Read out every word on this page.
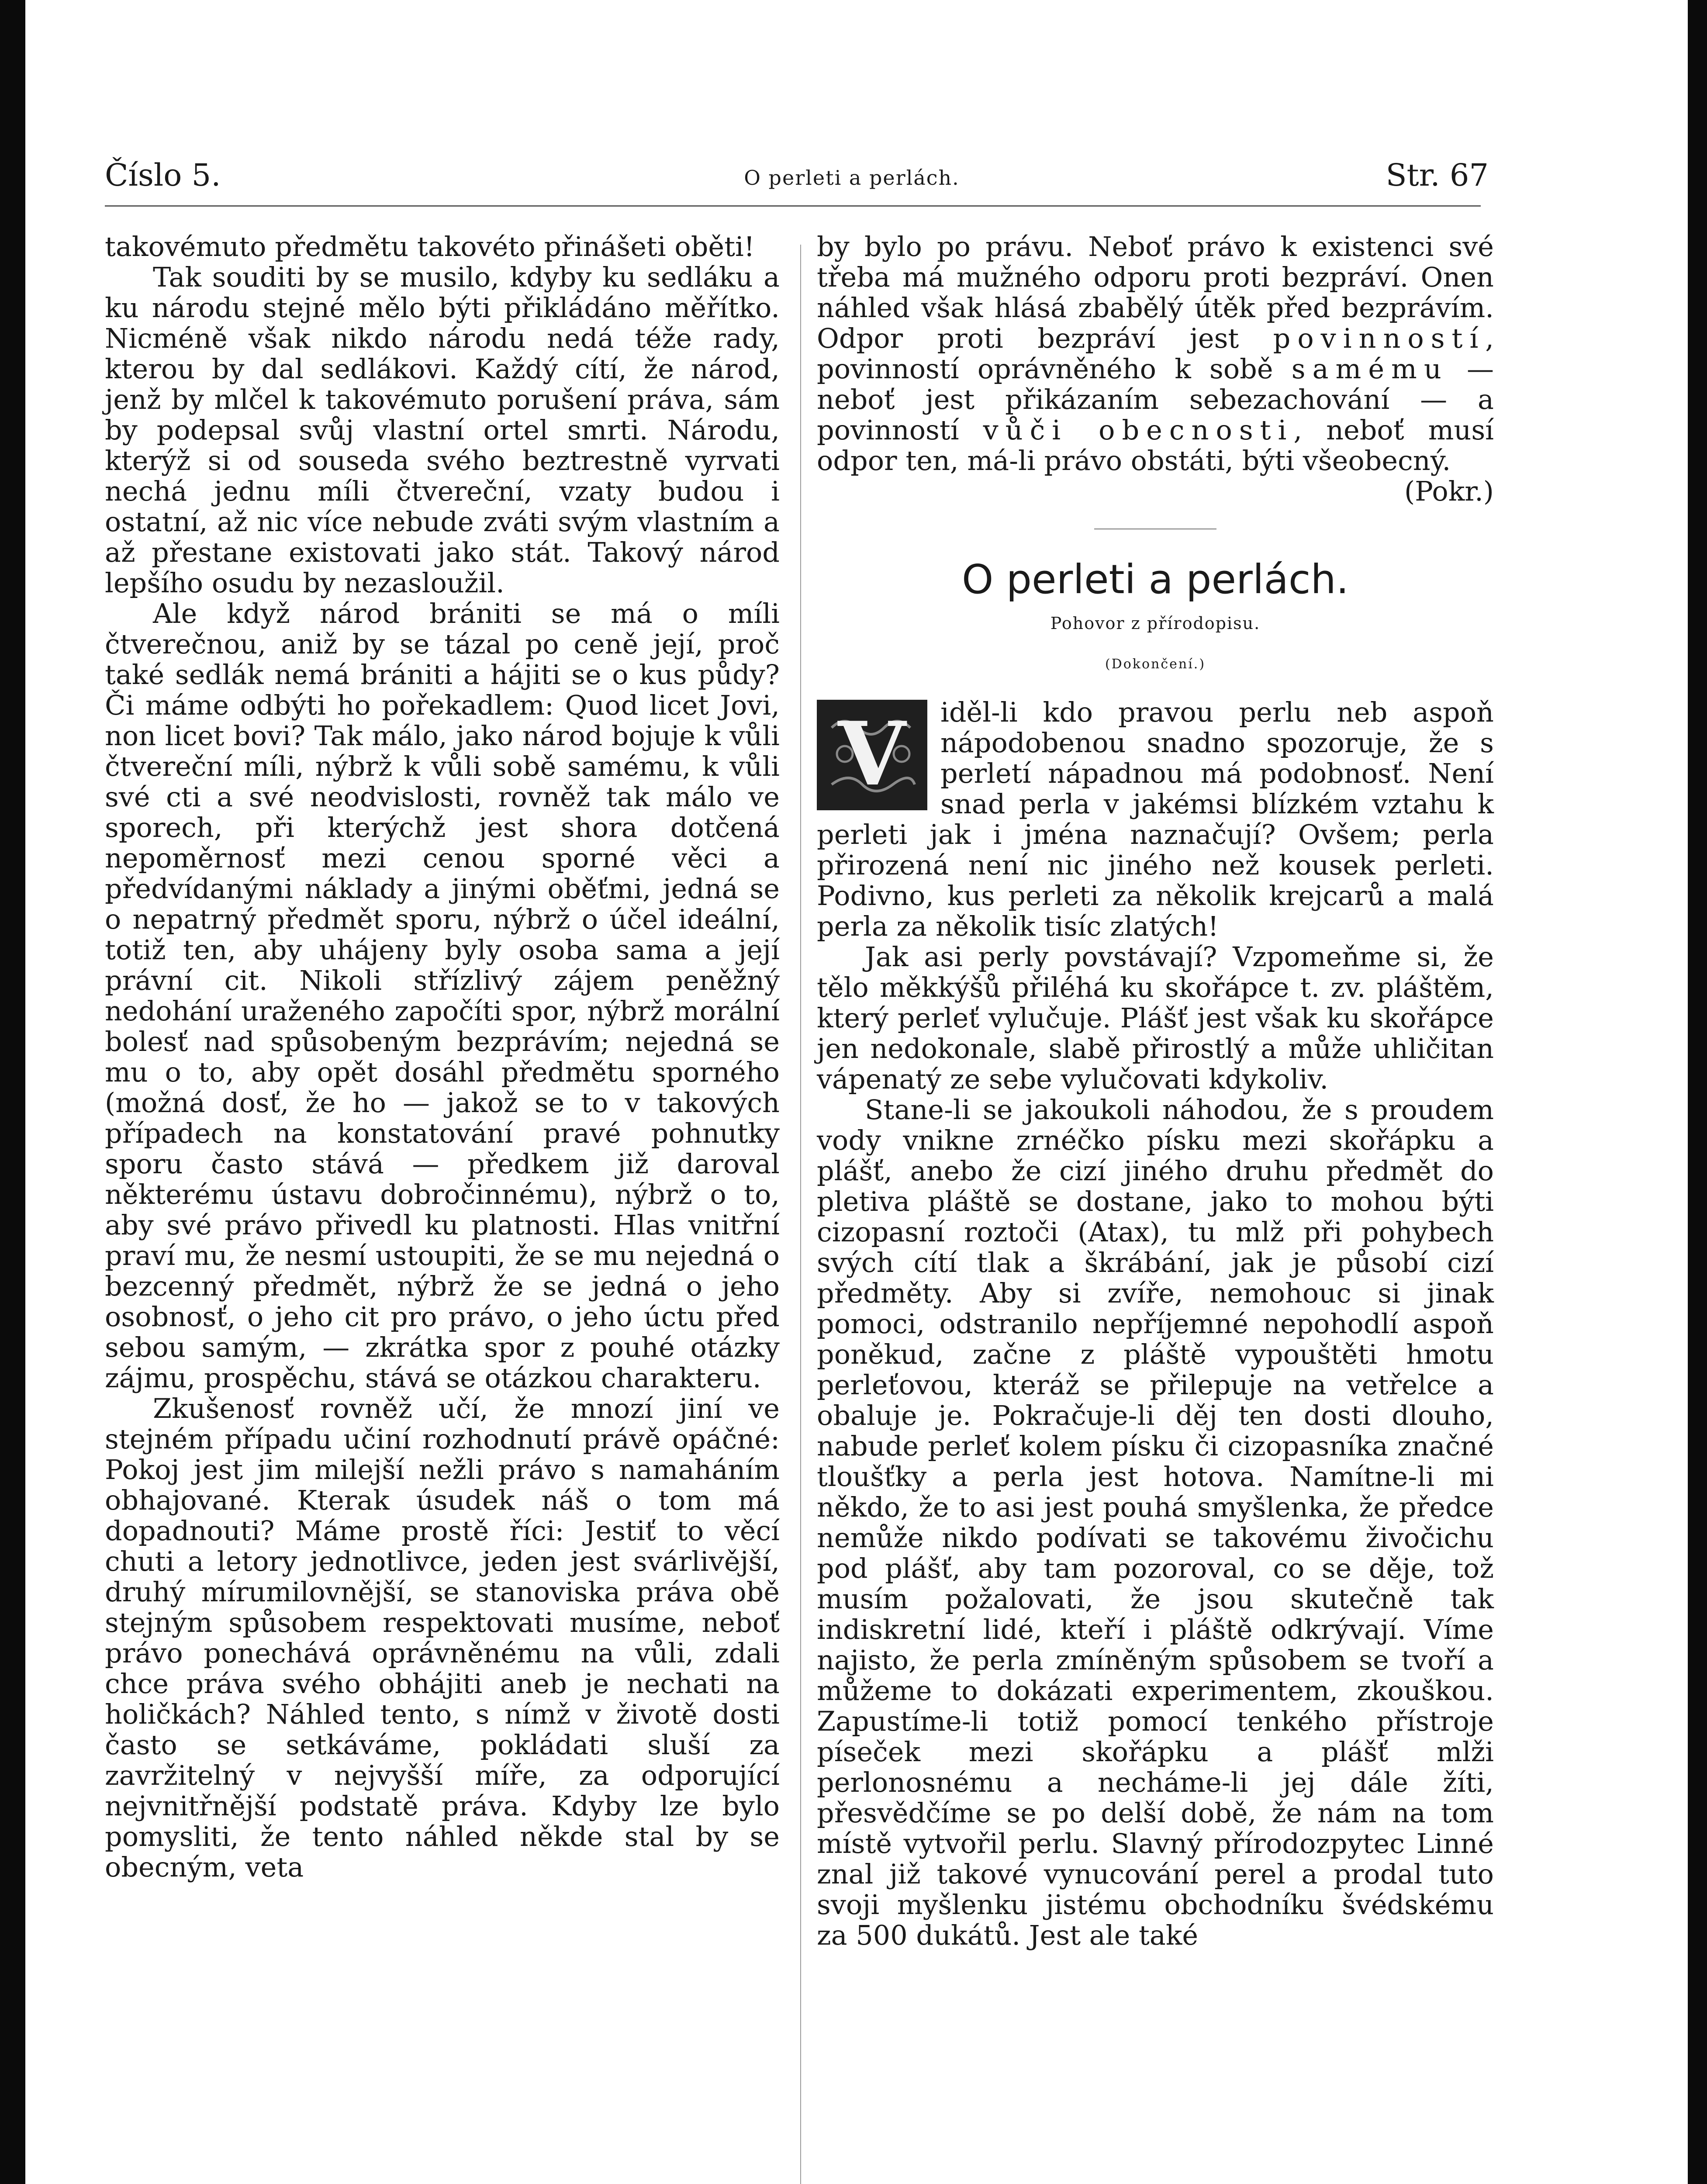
Číslo 5.	O perleti a perlách.	Str. 67

takovémuto předmětu takovéto přinášeti oběti!

Tak souditi by se musilo, kdyby ku sedláku a ku národu stejné mělo býti přikládáno měřítko. Nicméně však nikdo národu nedá téže rady, kterou by dal sedlákovi. Každý cítí, že národ, jenž by mlčel k takovémuto porušení práva, sám by podepsal svůj vlastní ortel smrti. Národu, kterýž si od souseda svého beztrestně vyrvati nechá jednu míli čtvereční, vzaty budou i ostatní, až nic více nebude zváti svým vlastním a až přestane existovati jako stát. Takový národ lepšího osudu by nezasloužil.

Ale když národ brániti se má o míli čtverečnou, aniž by se tázal po ceně její, proč také sedlák nemá brániti a hájiti se o kus půdy? Či máme odbýti ho pořekadlem: Quod licet Jovi, non licet bovi? Tak málo, jako národ bojuje k vůli čtvereční míli, nýbrž k vůli sobě samému, k vůli své cti a své neodvislosti, rovněž tak málo ve sporech, při kterýchž jest shora dotčená nepoměrnosť mezi cenou sporné věci a předvídanými náklady a jinými oběťmi, jedná se o nepatrný předmět sporu, nýbrž o účel ideální, totiž ten, aby uhájeny byly osoba sama a její právní cit. Nikoli střízlivý zájem peněžný nedohání uraženého započíti spor, nýbrž morální bolesť nad spůsobeným bezprávím; nejedná se mu o to, aby opět dosáhl předmětu sporného (možná dosť, že ho — jakož se to v takových případech na konstatování pravé pohnutky sporu často stává — předkem již daroval některému ústavu dobročinnému), nýbrž o to, aby své právo přivedl ku platnosti. Hlas vnitřní praví mu, že nesmí ustoupiti, že se mu nejedná o bezcenný předmět, nýbrž že se jedná o jeho osobnosť, o jeho cit pro právo, o jeho úctu před sebou samým, — zkrátka spor z pouhé otázky zájmu, prospěchu, stává se otázkou charakteru.

Zkušenosť rovněž učí, že mnozí jiní ve stejném případu učiní rozhodnutí právě opáčné: Pokoj jest jim milejší nežli právo s namaháním obhajované. Kterak úsudek náš o tom má dopadnouti? Máme prostě říci: Jestiť to věcí chuti a letory jednotlivce, jeden jest svárlivější, druhý mírumilovnější, se stanoviska práva obě stejným spůsobem respektovati musíme, neboť právo ponechává oprávněnému na vůli, zdali chce práva svého obhájiti aneb je nechati na holičkách? Náhled tento, s nímž v životě dosti často se setkáváme, pokládati sluší za zavržitelný v nejvyšší míře, za odporující nejvnitřnější podstatě práva. Kdyby lze bylo pomysliti, že tento náhled někde stal by se obecným, veta

by bylo po právu. Neboť právo k existenci své třeba má mužného odporu proti bezpráví. Onen náhled však hlásá zbabělý útěk před bezprávím. Odpor proti bezpráví jest povinností, povinností oprávněného k sobě samému — neboť jest přikázaním sebezachování — a povinností vůči obecnosti, neboť musí odpor ten, má-li právo obstáti, býti všeobecný.
(Pokr.)

O perleti a perlách.
Pohovor z přírodopisu.
(Dokončení.)

V iděl-li kdo pravou perlu neb aspoň nápodobenou snadno spozoruje, že s perletí nápadnou má podobnosť. Není snad perla v jakémsi blízkém vztahu k perleti jak i jména naznačují? Ovšem; perla přirozená není nic jiného než kousek perleti. Podivno, kus perleti za několik krejcarů a malá perla za několik tisíc zlatých!

Jak asi perly povstávají? Vzpomeňme si, že tělo měkkýšů přiléhá ku skořápce t. zv. pláštěm, který perleť vylučuje. Plášť jest však ku skořápce jen nedokonale, slabě přirostlý a může uhličitan vápenatý ze sebe vylučovati kdykoliv.

Stane-li se jakoukoli náhodou, že s proudem vody vnikne zrnéčko písku mezi skořápku a plášť, anebo že cizí jiného druhu předmět do pletiva pláště se dostane, jako to mohou býti cizopasní roztoči (Atax), tu mlž při pohybech svých cítí tlak a škrábání, jak je působí cizí předměty. Aby si zvíře, nemohouc si jinak pomoci, odstranilo nepříjemné nepohodlí aspoň poněkud, začne z pláště vypouštěti hmotu perleťovou, kteráž se přilepuje na vetřelce a obaluje je. Pokračuje-li děj ten dosti dlouho, nabude perleť kolem písku či cizopasníka značné tloušťky a perla jest hotova. Namítne-li mi někdo, že to asi jest pouhá smyšlenka, že předce nemůže nikdo podívati se takovému živočichu pod plášť, aby tam pozoroval, co se děje, tož musím požalovati, že jsou skutečně tak indiskretní lidé, kteří i pláště odkrývají. Víme najisto, že perla zmíněným spůsobem se tvoří a můžeme to dokázati experimentem, zkouškou. Zapustíme-li totiž pomocí tenkého přístroje píseček mezi skořápku a plášť mlži perlonosnému a necháme-li jej dále žíti, přesvědčíme se po delší době, že nám na tom místě vytvořil perlu. Slavný přírodozpytec Linné znal již takové vynucování perel a prodal tuto svoji myšlenku jistému obchodníku švédskému za 500 dukátů. Jest ale také
